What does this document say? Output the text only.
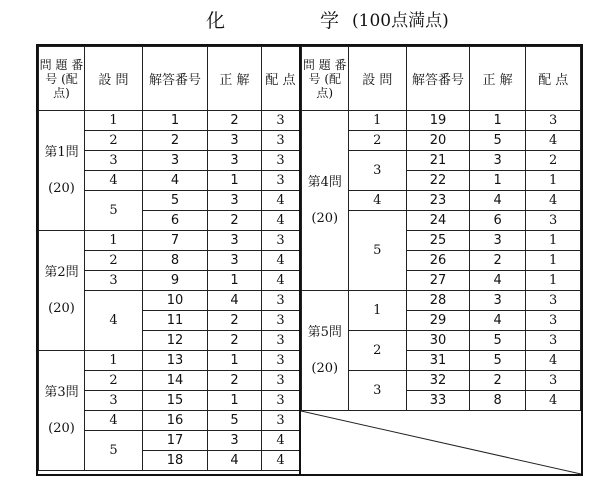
化	学 (100点満点)
問 題 番 号 (配点)	設 問	解答番号	正 解	配 点

第1問
(20)	1	1	2	3
	2	2	3	3
	3	3	3	3
	4	4	1	3
	5	5	3	4
		6	2	4

第2問
(20)	1	7	3	3
	2	8	3	4
	3	9	1	4
	4	10	4	3
		11	2	3
		12	2	3

第3問
(20)	1	13	1	3
	2	14	2	3
	3	15	1	3
	4	16	5	3
	5	17	3	4
		18	4	4
問 題 番 号 (配点)	設 問	解答番号	正 解	配 点

第4問
(20)	1	19	1	3
	2	20	5	4
	3	21	3	2
		22	1	1
	4	23	4	4
	5	24	6	3
		25	3	1
		26	2	1
		27	4	1

第5問
(20)	1	28	3	3
		29	4	3
	2	30	5	3
		31	5	4
	3	32	2	3
		33	8	4
